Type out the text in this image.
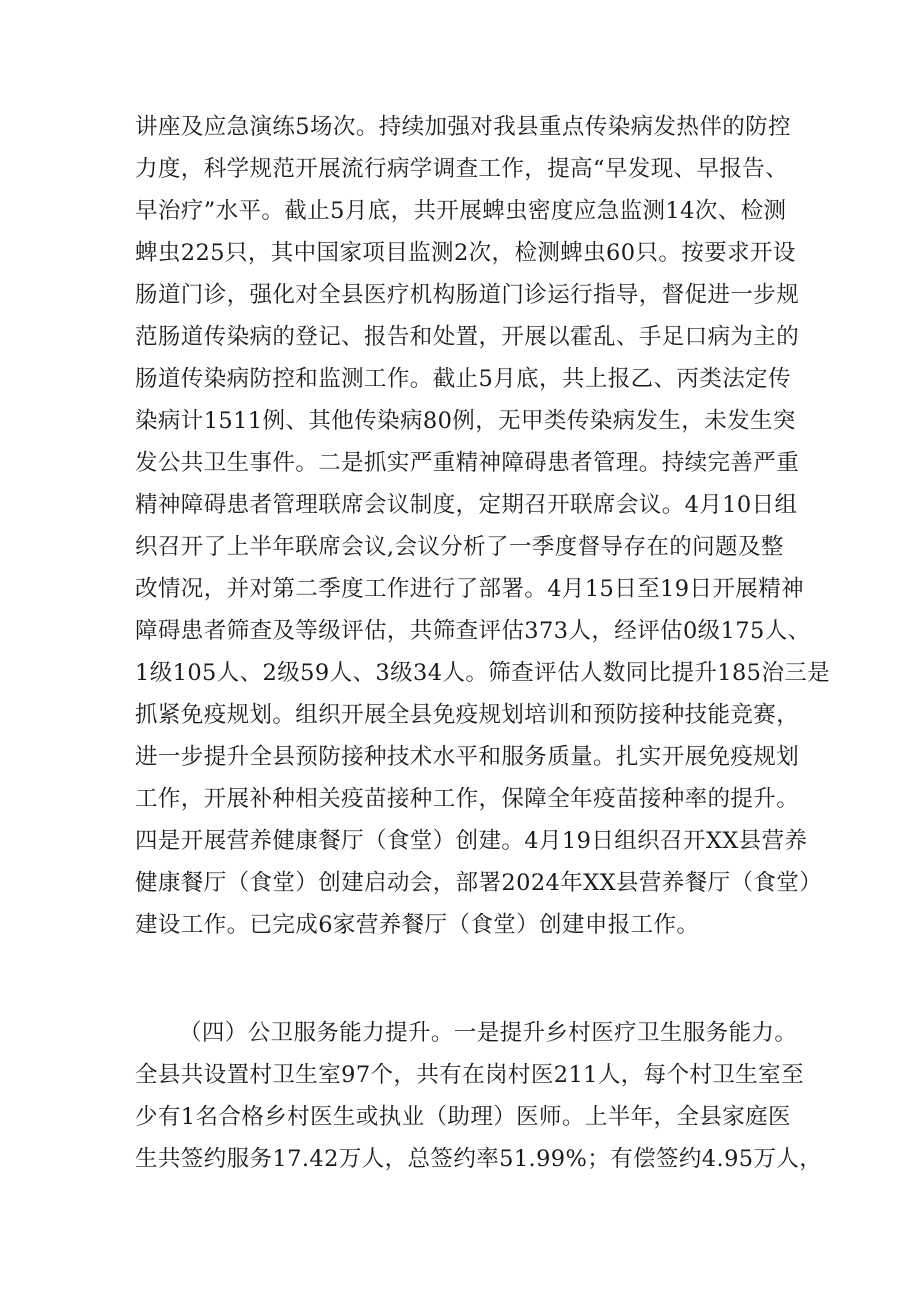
讲座及应急演练5场次。持续加强对我县重点传染病发热伴的防控
力度，科学规范开展流行病学调查工作，提高“早发现、早报告、
早治疗”水平。截止5月底，共开展蜱虫密度应急监测14次、检测
蜱虫225只，其中国家项目监测2次，检测蜱虫60只。按要求开设
肠道门诊，强化对全县医疗机构肠道门诊运行指导，督促进一步规
范肠道传染病的登记、报告和处置，开展以霍乱、手足口病为主的
肠道传染病防控和监测工作。截止5月底，共上报乙、丙类法定传
染病计1511例、其他传染病80例，无甲类传染病发生，未发生突
发公共卫生事件。二是抓实严重精神障碍患者管理。持续完善严重
精神障碍患者管理联席会议制度，定期召开联席会议。4月10日组
织召开了上半年联席会议,会议分析了一季度督导存在的问题及整
改情况，并对第二季度工作进行了部署。4月15日至19日开展精神
障碍患者筛查及等级评估，共筛查评估373人，经评估0级175人、
1级105人、2级59人、3级34人。筛查评估人数同比提升185治三是
抓紧免疫规划。组织开展全县免疫规划培训和预防接种技能竞赛，
进一步提升全县预防接种技术水平和服务质量。扎实开展免疫规划
工作，开展补种相关疫苗接种工作，保障全年疫苗接种率的提升。
四是开展营养健康餐厅（食堂）创建。4月19日组织召开XX县营养
健康餐厅（食堂）创建启动会，部署2024年XX县营养餐厅（食堂）
建设工作。已完成6家营养餐厅（食堂）创建申报工作。
（四）公卫服务能力提升。一是提升乡村医疗卫生服务能力。
全县共设置村卫生室97个，共有在岗村医211人，每个村卫生室至
少有1名合格乡村医生或执业（助理）医师。上半年，全县家庭医
生共签约服务17.42万人，总签约率51.99%；有偿签约4.95万人，
